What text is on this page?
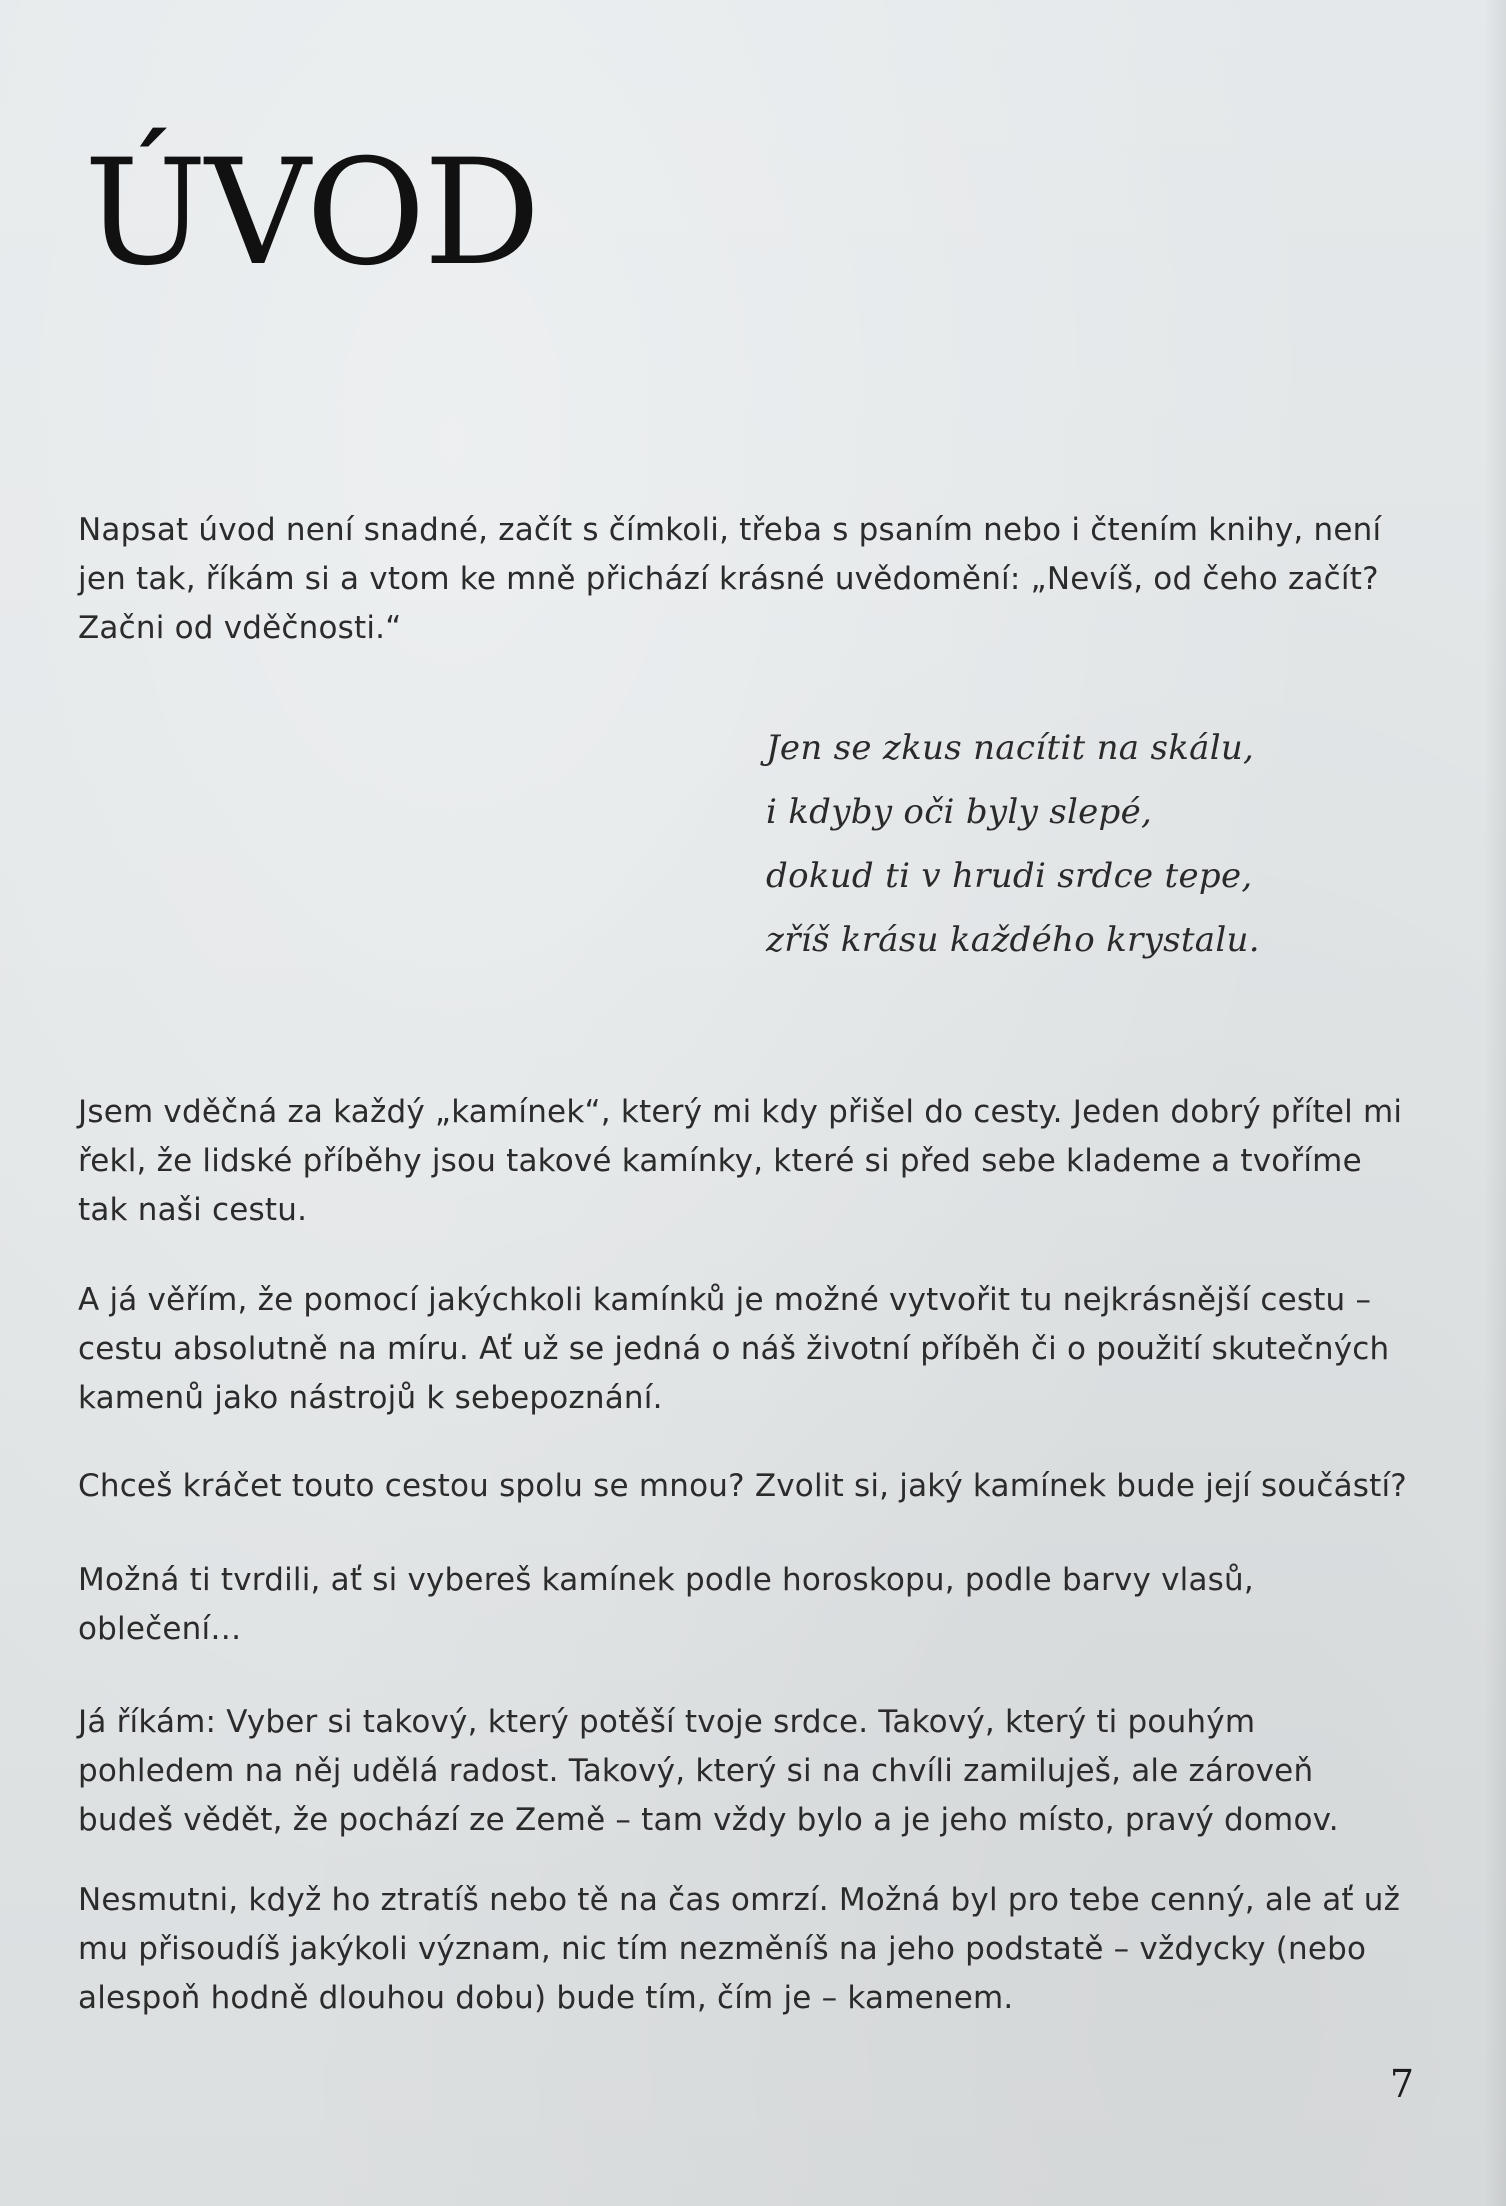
ÚVOD

Napsat úvod není snadné, začít s čímkoli, třeba s psaním nebo i čtením knihy, není jen tak, říkám si a vtom ke mně přichází krásné uvědomění: „Nevíš, od čeho začít? Začni od vděčnosti.“

Jen se zkus nacítit na skálu,
i kdyby oči byly slepé,
dokud ti v hrudi srdce tepe,
zříš krásu každého krystalu.

Jsem vděčná za každý „kamínek“, který mi kdy přišel do cesty. Jeden dobrý přítel mi řekl, že lidské příběhy jsou takové kamínky, které si před sebe klademe a tvoříme tak naši cestu.

A já věřím, že pomocí jakýchkoli kamínků je možné vytvořit tu nejkrásnější cestu – cestu absolutně na míru. Ať už se jedná o náš životní příběh či o použití skutečných kamenů jako nástrojů k sebepoznání.

Chceš kráčet touto cestou spolu se mnou? Zvolit si, jaký kamínek bude její součástí?

Možná ti tvrdili, ať si vybereš kamínek podle horoskopu, podle barvy vlasů, oblečení…

Já říkám: Vyber si takový, který potěší tvoje srdce. Takový, který ti pouhým pohledem na něj udělá radost. Takový, který si na chvíli zamiluješ, ale zároveň budeš vědět, že pochází ze Země – tam vždy bylo a je jeho místo, pravý domov.

Nesmutni, když ho ztratíš nebo tě na čas omrzí. Možná byl pro tebe cenný, ale ať už mu přisoudíš jakýkoli význam, nic tím nezměníš na jeho podstatě – vždycky (nebo alespoň hodně dlouhou dobu) bude tím, čím je – kamenem.

7
